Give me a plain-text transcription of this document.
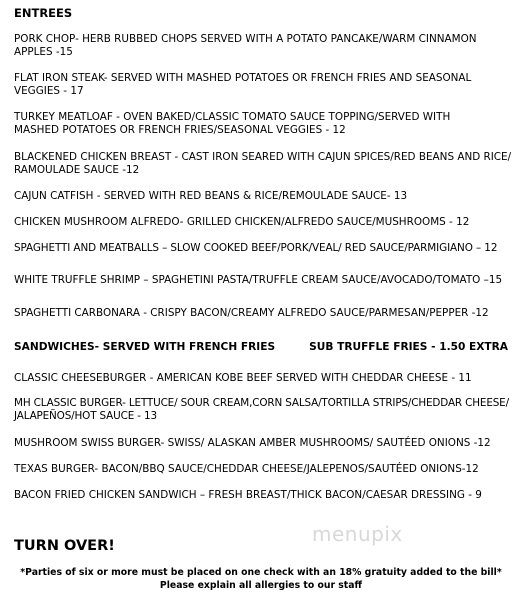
ENTREES
PORK CHOP- HERB RUBBED CHOPS SERVED WITH A POTATO PANCAKE/WARM CINNAMON APPLES -15
FLAT IRON STEAK- SERVED WITH MASHED POTATOES OR FRENCH FRIES AND SEASONAL VEGGIES - 17
TURKEY MEATLOAF - OVEN BAKED/CLASSIC TOMATO SAUCE TOPPING/SERVED WITH MASHED POTATOES OR FRENCH FRIES/SEASONAL VEGGIES - 12
BLACKENED CHICKEN BREAST - CAST IRON SEARED WITH CAJUN SPICES/RED BEANS AND RICE/ RAMOULADE SAUCE -12
CAJUN CATFISH - SERVED WITH RED BEANS & RICE/REMOULADE SAUCE- 13
CHICKEN MUSHROOM ALFREDO- GRILLED CHICKEN/ALFREDO SAUCE/MUSHROOMS - 12
SPAGHETTI AND MEATBALLS – SLOW COOKED BEEF/PORK/VEAL/ RED SAUCE/PARMIGIANO – 12
WHITE TRUFFLE SHRIMP – SPAGHETINI PASTA/TRUFFLE CREAM SAUCE/AVOCADO/TOMATO –15
SPAGHETTI CARBONARA - CRISPY BACON/CREAMY ALFREDO SAUCE/PARMESAN/PEPPER -12
SANDWICHES- SERVED WITH FRENCH FRIES	SUB TRUFFLE FRIES - 1.50 EXTRA
CLASSIC CHEESEBURGER - AMERICAN KOBE BEEF SERVED WITH CHEDDAR CHEESE - 11
MH CLASSIC BURGER- LETTUCE/ SOUR CREAM,CORN SALSA/TORTILLA STRIPS/CHEDDAR CHEESE/ JALAPEÑOS/HOT SAUCE - 13
MUSHROOM SWISS BURGER- SWISS/ ALASKAN AMBER MUSHROOMS/ SAUTÉED ONIONS -12
TEXAS BURGER- BACON/BBQ SAUCE/CHEDDAR CHEESE/JALEPENOS/SAUTÉED ONIONS-12
BACON FRIED CHICKEN SANDWICH – FRESH BREAST/THICK BACON/CAESAR DRESSING - 9
menupix
TURN OVER!
*Parties of six or more must be placed on one check with an 18% gratuity added to the bill*
Please explain all allergies to our staff
